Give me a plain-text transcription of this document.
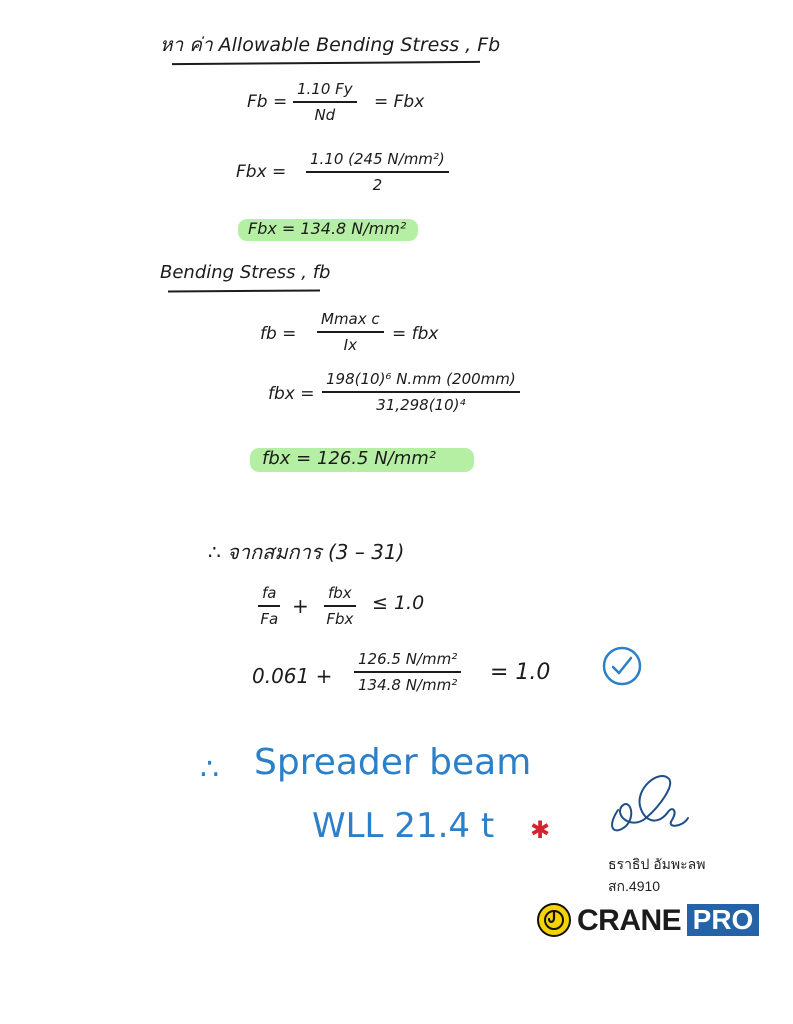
หา ค่า Allowable Bending Stress , Fb
Fb =
1.10 Fy
Nd
= Fbx
Fbx =
1.10 (245 N/mm²)
2
Fbx = 134.8 N/mm²
Bending Stress , fb
fb =
Mmax c
Ix
= fbx
fbx =
198(10)⁶ N.mm (200mm)
31,298(10)⁴
fbx = 126.5 N/mm²
∴ จากสมการ (3 – 31)
fa
Fa
+
fbx
Fbx
≤ 1.0
0.061 +
126.5 N/mm²
134.8 N/mm² = 1.0
∴ Spreader beam
WLL 21.4 t ✱
ธราธิป อัมพะลพ
สก.4910
CRANE PRO
